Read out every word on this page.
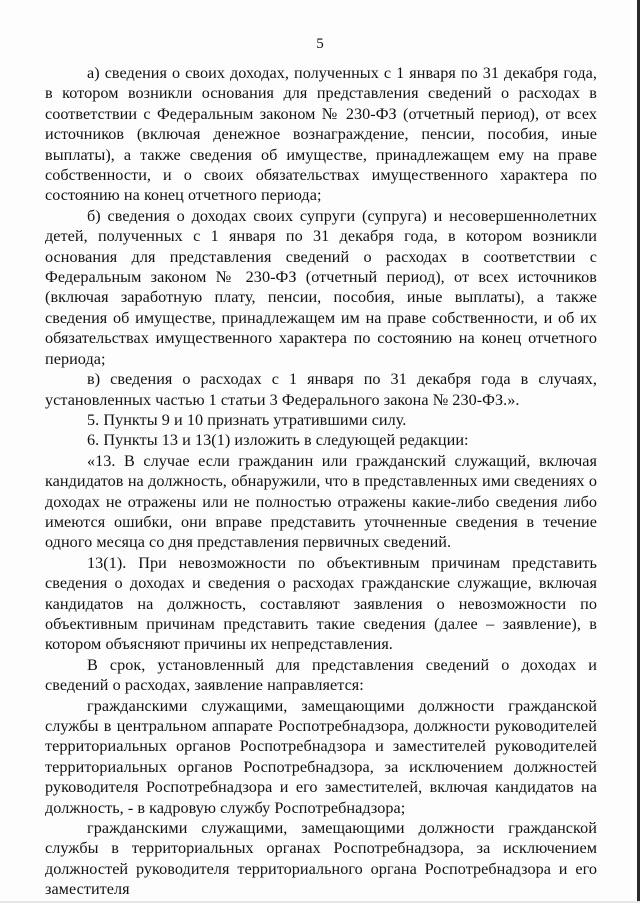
5

а) сведения о своих доходах, полученных с 1 января по 31 декабря года, в котором возникли основания для представления сведений о расходах в соответствии с Федеральным законом № 230-ФЗ (отчетный период), от всех источников (включая денежное вознаграждение, пенсии, пособия, иные выплаты), а также сведения об имуществе, принадлежащем ему на праве собственности, и о своих обязательствах имущественного характера по состоянию на конец отчетного периода;

б) сведения о доходах своих супруги (супруга) и несовершеннолетних детей, полученных с 1 января по 31 декабря года, в котором возникли основания для представления сведений о расходах в соответствии с Федеральным законом № 230-ФЗ (отчетный период), от всех источников (включая заработную плату, пенсии, пособия, иные выплаты), а также сведения об имуществе, принадлежащем им на праве собственности, и об их обязательствах имущественного характера по состоянию на конец отчетного периода;

в) сведения о расходах с 1 января по 31 декабря года в случаях, установленных частью 1 статьи 3 Федерального закона № 230-ФЗ.».

5. Пункты 9 и 10 признать утратившими силу.

6. Пункты 13 и 13(1) изложить в следующей редакции:

«13. В случае если гражданин или гражданский служащий, включая кандидатов на должность, обнаружили, что в представленных ими сведениях о доходах не отражены или не полностью отражены какие-либо сведения либо имеются ошибки, они вправе представить уточненные сведения в течение одного месяца со дня представления первичных сведений.

13(1). При невозможности по объективным причинам представить сведения о доходах и сведения о расходах гражданские служащие, включая кандидатов на должность, составляют заявления о невозможности по объективным причинам представить такие сведения (далее – заявление), в котором объясняют причины их непредставления.

В срок, установленный для представления сведений о доходах и сведений о расходах, заявление направляется:

гражданскими служащими, замещающими должности гражданской службы в центральном аппарате Роспотребнадзора, должности руководителей территориальных органов Роспотребнадзора и заместителей руководителей территориальных органов Роспотребнадзора, за исключением должностей руководителя Роспотребнадзора и его заместителей, включая кандидатов на должность, - в кадровую службу Роспотребнадзора;

гражданскими служащими, замещающими должности гражданской службы в территориальных органах Роспотребнадзора, за исключением должностей руководителя территориального органа Роспотребнадзора и его заместителя
